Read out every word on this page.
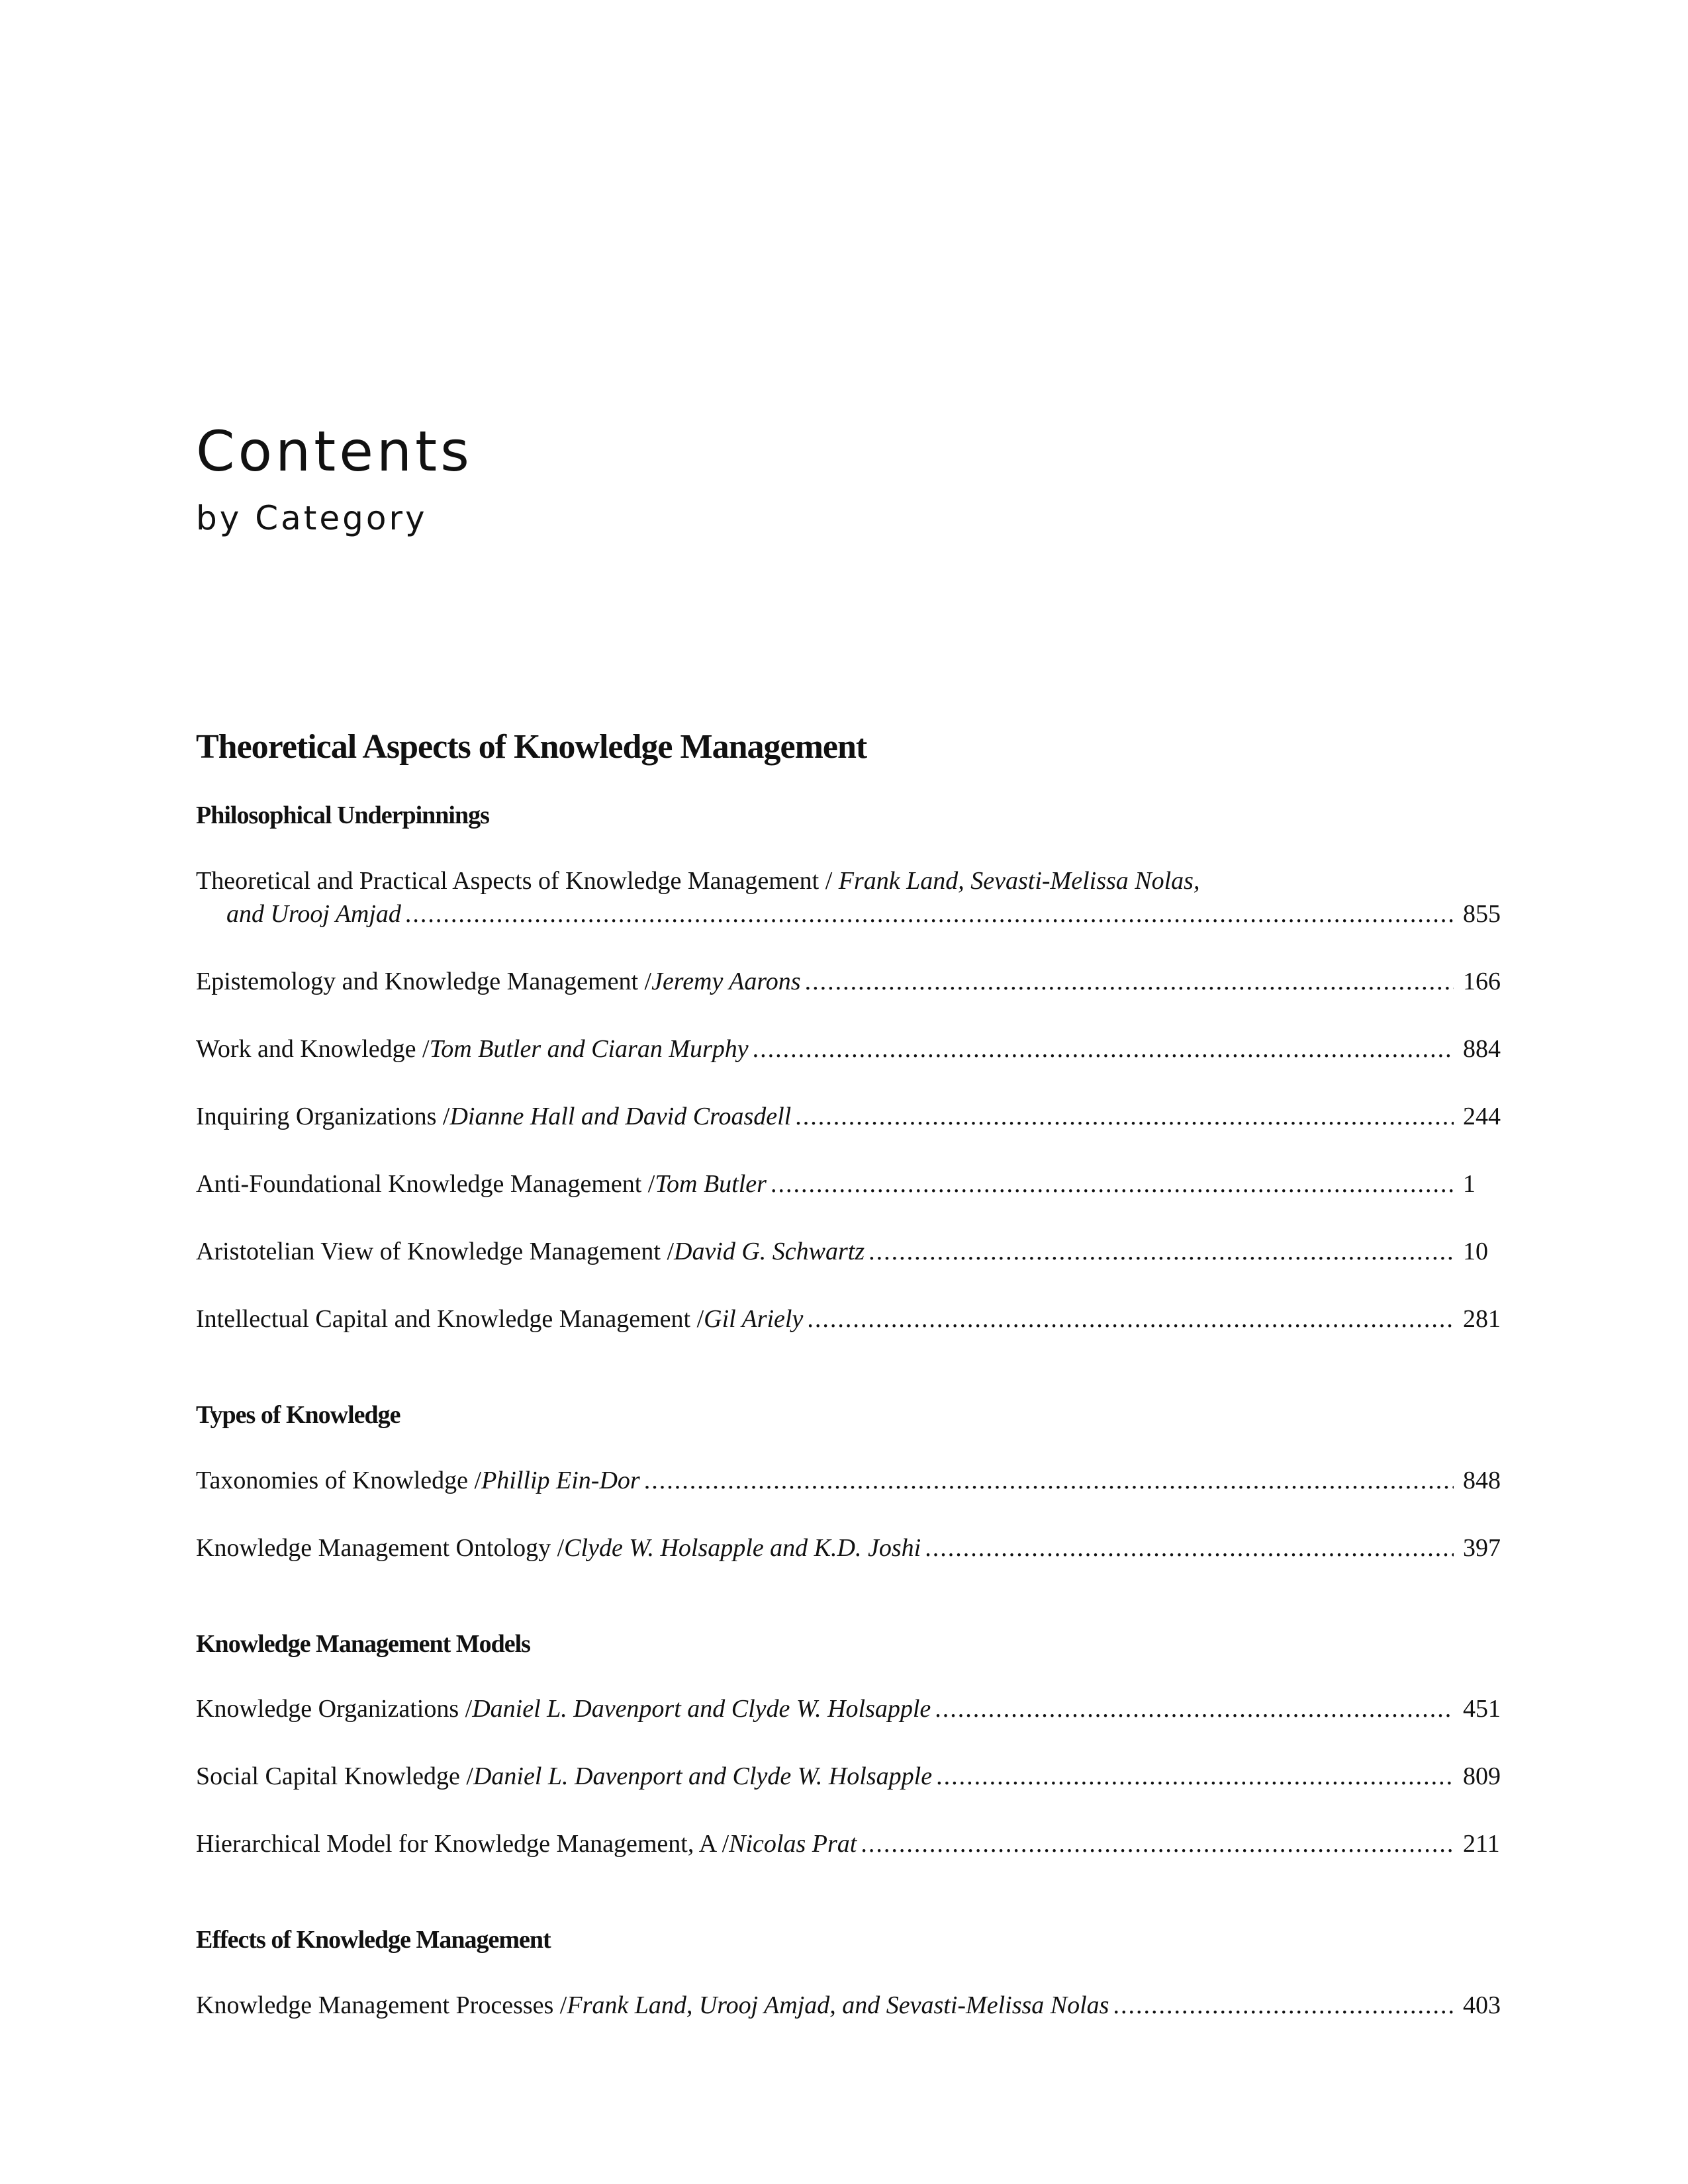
Contents
by Category
Theoretical Aspects of Knowledge Management
Philosophical Underpinnings
Theoretical and Practical Aspects of Knowledge Management / Frank Land, Sevasti-Melissa Nolas,
and Urooj Amjad .....	855
Epistemology and Knowledge Management / Jeremy Aarons .....	166
Work and Knowledge / Tom Butler and Ciaran Murphy .....	884
Inquiring Organizations / Dianne Hall and David Croasdell .....	244
Anti-Foundational Knowledge Management / Tom Butler .....	1
Aristotelian View of Knowledge Management / David G. Schwartz .....	10
Intellectual Capital and Knowledge Management / Gil Ariely .....	281
Types of Knowledge
Taxonomies of Knowledge / Phillip Ein-Dor .....	848
Knowledge Management Ontology / Clyde W. Holsapple and K.D. Joshi .....	397
Knowledge Management Models
Knowledge Organizations / Daniel L. Davenport and Clyde W. Holsapple .....	451
Social Capital Knowledge / Daniel L. Davenport and Clyde W. Holsapple .....	809
Hierarchical Model for Knowledge Management, A / Nicolas Prat .....	211
Effects of Knowledge Management
Knowledge Management Processes / Frank Land, Urooj Amjad, and Sevasti-Melissa Nolas .....	403
